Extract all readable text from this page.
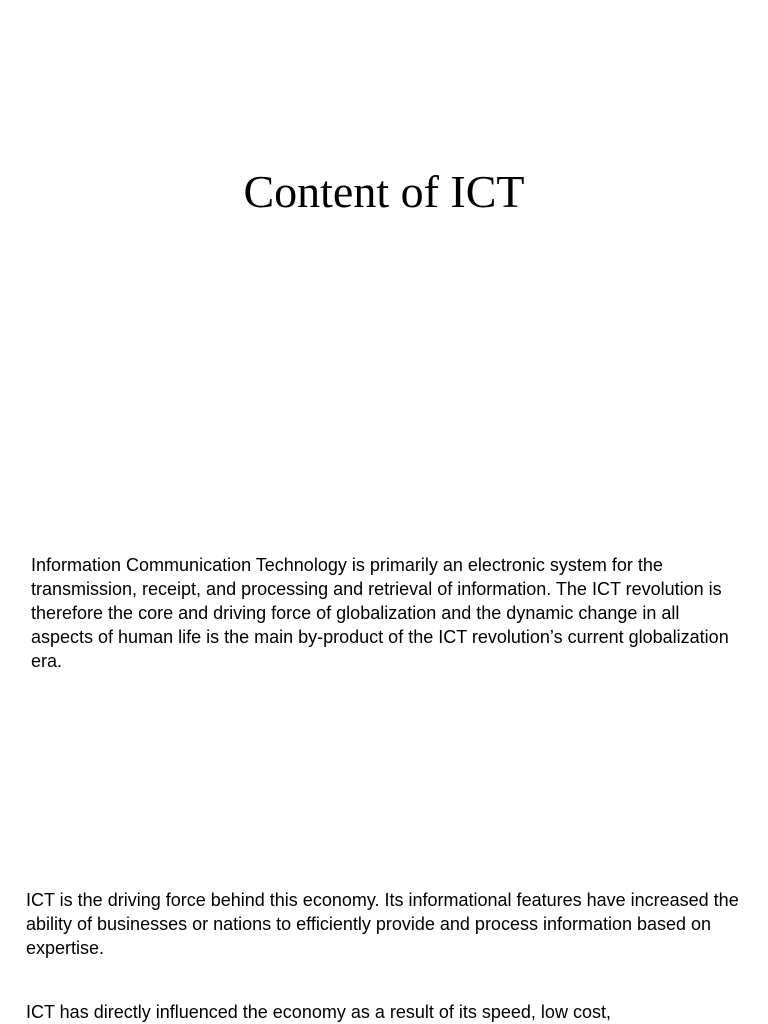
Content of ICT

Information Communication Technology is primarily an electronic system for the transmission, receipt, and processing and retrieval of information. The ICT revolution is therefore the core and driving force of globalization and the dynamic change in all aspects of human life is the main by-product of the ICT revolution’s current globalization era.

ICT is the driving force behind this economy. Its informational features have increased the ability of businesses or nations to efficiently provide and process information based on expertise.

ICT has directly influenced the economy as a result of its speed, low cost,
